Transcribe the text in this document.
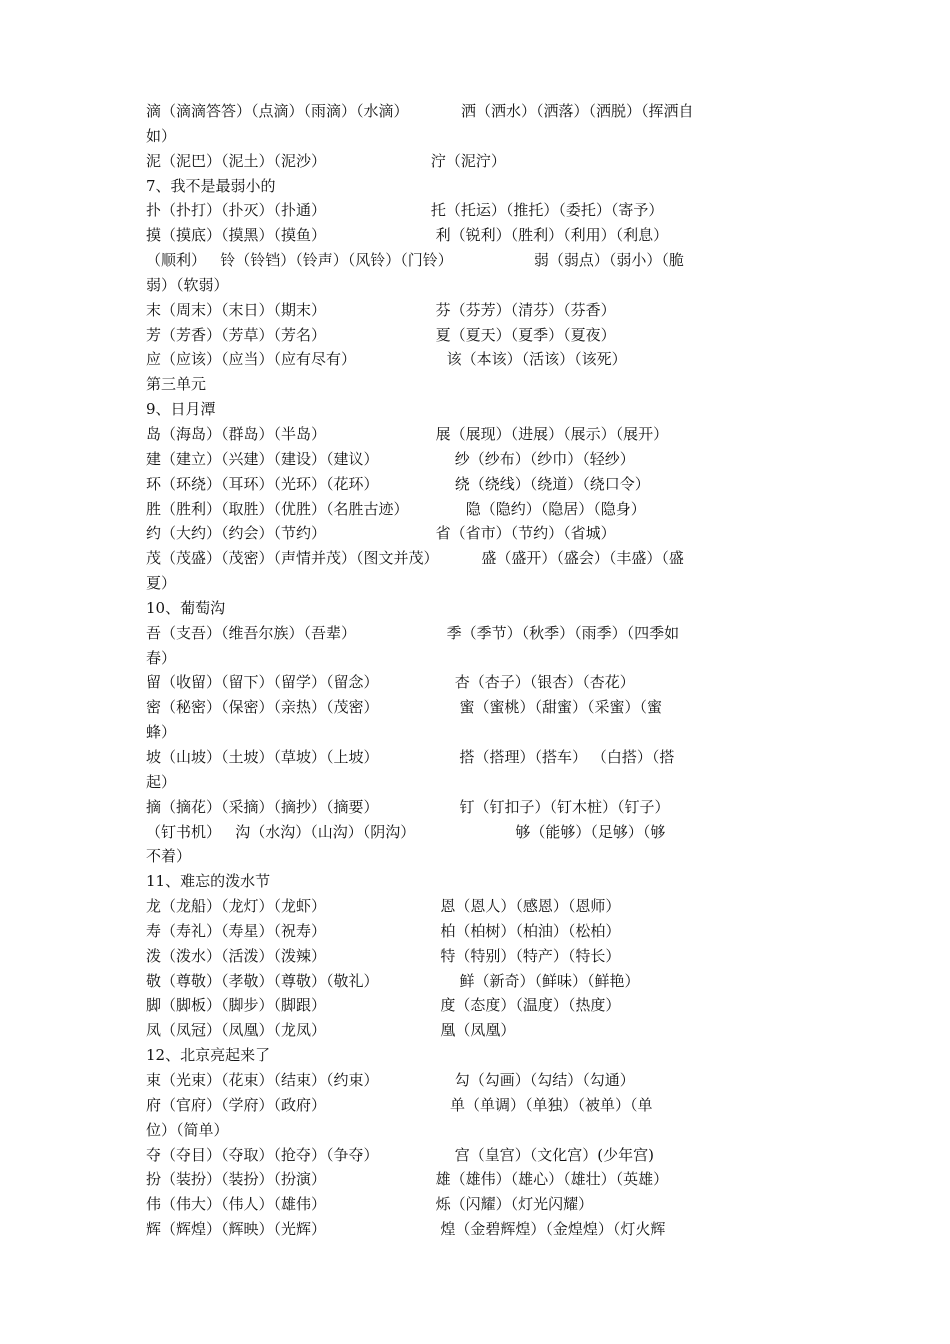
滴（滴滴答答）（点滴）（雨滴）（水滴）           洒（洒水）（洒落）（洒脱）（挥洒自
如）
泥（泥巴）（泥土）（泥沙）                      泞（泥泞）
7、我不是最弱小的
扑（扑打）（扑灭）（扑通）                      托（托运）（推托）（委托）（寄予）
摸（摸底）（摸黑）（摸鱼）                       利（锐利）（胜利）（利用）（利息）
（顺利）   铃（铃铛）（铃声）（风铃）（门铃）                 弱（弱点）（弱小）（脆
弱）（软弱）
末（周末）（末日）（期末）                       芬（芬芳）（清芬）（芬香）
芳（芳香）（芳草）（芳名）                       夏（夏天）（夏季）（夏夜）
应（应该）（应当）（应有尽有）                   该（本该）（活该）（该死）
第三单元
9、日月潭
岛（海岛）（群岛）（半岛）                       展（展现）（进展）（展示）（展开）
建（建立）（兴建）（建设）（建议）                纱（纱布）（纱巾）（轻纱）
环（环绕）（耳环）（光环）（花环）                绕（绕线）（绕道）（绕口令）
胜（胜利）（取胜）（优胜）（名胜古迹）            隐（隐约）（隐居）（隐身）
约（大约）（约会）（节约）                       省（省市）（节约）（省城）
茂（茂盛）（茂密）（声情并茂）（图文并茂）         盛（盛开）（盛会）（丰盛）（盛
夏）
10、葡萄沟
吾（支吾）（维吾尔族）（吾辈）                   季（季节）（秋季）（雨季）（四季如
春）
留（收留）（留下）（留学）（留念）                杏（杏子）（银杏）（杏花）
密（秘密）（保密）（亲热）（茂密）                 蜜（蜜桃）（甜蜜）（采蜜）（蜜
蜂）
坡（山坡）（土坡）（草坡）（上坡）                 搭（搭理）（搭车） （白搭）（搭
起）
摘（摘花）（采摘）（摘抄）（摘要）                 钉（钉扣子）（钉木桩）（钉子）
（钉书机）   沟（水沟）（山沟）（阴沟）                     够（能够）（足够）（够
不着）
11、难忘的泼水节
龙（龙船）（龙灯）（龙虾）                        恩（恩人）（感恩）（恩师）
寿（寿礼）（寿星）（祝寿）                        柏（柏树）（柏油）（松柏）
泼（泼水）（活泼）（泼辣）                        特（特别）（特产）（特长）
敬（尊敬）（孝敬）（尊敬）（敬礼）                 鲜（新奇）（鲜味）（鲜艳）
脚（脚板）（脚步）（脚跟）                        度（态度）（温度）（热度）
凤（凤冠）（凤凰）（龙凤）                        凰（凤凰）
12、北京亮起来了
束（光束）（花束）（结束）（约束）                勾（勾画）（勾结）（勾通）
府（官府）（学府）（政府）                          单（单调）（单独）（被单）（单
位）（简单）
夺（夺目）（夺取）（抢夺）（争夺）                宫（皇宫）（文化宫）(少年宫)
扮（装扮）（装扮）（扮演）                       雄（雄伟）（雄心）（雄壮）（英雄）
伟（伟大）（伟人）（雄伟）                       烁（闪耀）（灯光闪耀）
辉（辉煌）（辉映）（光辉）                        煌（金碧辉煌）（金煌煌）（灯火辉
